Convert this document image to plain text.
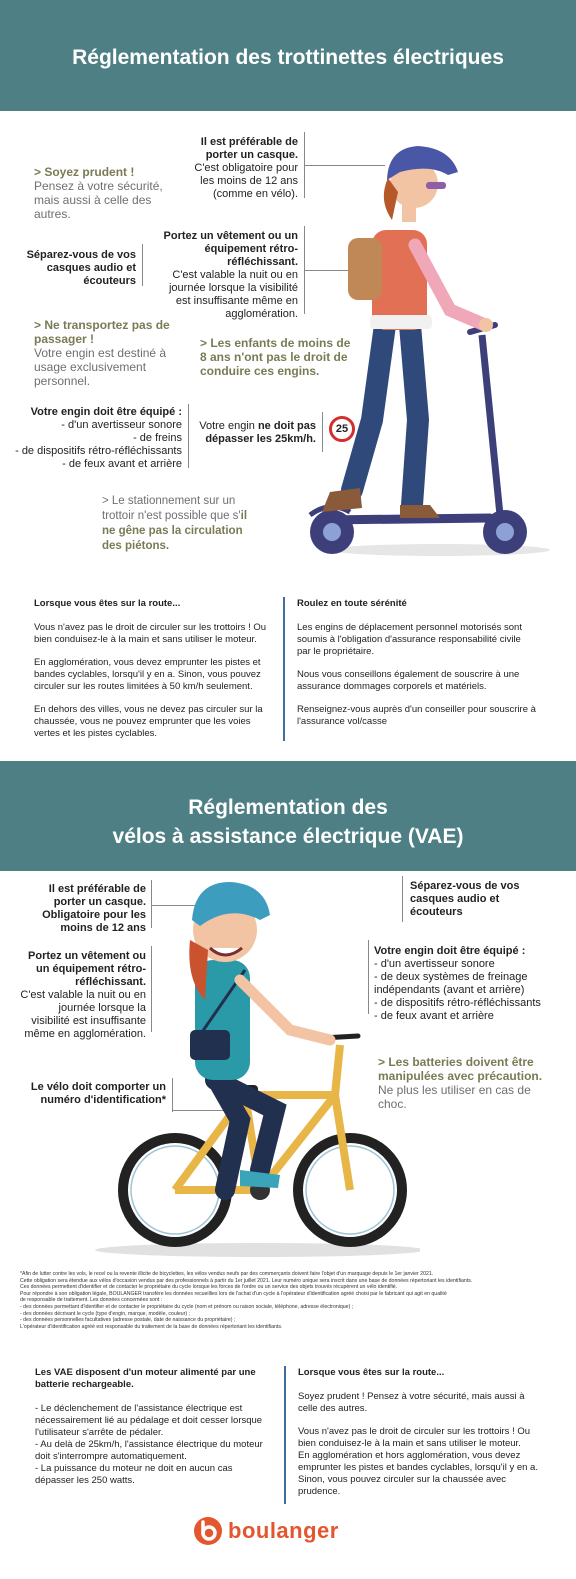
Réglementation des trottinettes électriques
> Soyez prudent !
Pensez à votre sécurité, mais aussi à celle des autres.
Il est préférable de porter un casque.
C'est obligatoire pour les moins de 12 ans (comme en vélo).
Séparez-vous de vos casques audio et écouteurs
Portez un vêtement ou un équipement rétro-réfléchissant.
C'est valable la nuit ou en journée lorsque la visibilité est insuffisante même en agglomération.
> Ne transportez pas de passager !
Votre engin est destiné à usage exclusivement personnel.
> Les enfants de moins de 8 ans n'ont pas le droit de conduire ces engins.
Votre engin doit être équipé :
- d'un avertisseur sonore
- de freins
- de dispositifs rétro-réfléchissants
- de feux avant et arrière
Votre engin ne doit pas dépasser les 25km/h.
25
> Le stationnement sur un trottoir n'est possible que s'il ne gêne pas la circulation des piétons.
Lorsque vous êtes sur la route...

Vous n'avez pas le droit de circuler sur les trottoirs ! Ou bien conduisez-le à la main et sans utiliser le moteur.

En agglomération, vous devez emprunter les pistes et bandes cyclables, lorsqu'il y en a. Sinon, vous pouvez circuler sur les routes limitées à 50 km/h seulement.

En dehors des villes, vous ne devez pas circuler sur la chaussée, vous ne pouvez emprunter que les voies vertes et les pistes cyclables.

Roulez en toute sérénité

Les engins de déplacement personnel motorisés sont soumis à l'obligation d'assurance responsabilité civile par le propriétaire.

Nous vous conseillons également de souscrire à une assurance dommages corporels et matériels.

Renseignez-vous auprès d'un conseiller pour souscrire à l'assurance vol/casse

Réglementation des
vélos à assistance électrique (VAE)
Il est préférable de porter un casque. Obligatoire pour les moins de 12 ans
Séparez-vous de vos casques audio et écouteurs
Portez un vêtement ou un équipement rétro-réfléchissant.
C'est valable la nuit ou en journée lorsque la visibilité est insuffisante même en agglomération.
Votre engin doit être équipé :
- d'un avertisseur sonore
- de deux systèmes de freinage indépendants (avant et arrière)
- de dispositifs rétro-réfléchissants
- de feux avant et arrière
> Les batteries doivent être manipulées avec précaution.
Ne plus les utiliser en cas de choc.
Le vélo doit comporter un numéro d'identification*
*Afin de lutter contre les vols, le recel ou la revente illicite de bicyclettes, les vélos vendus neufs par des commerçants doivent faire l'objet d'un marquage depuis le 1er janvier 2021.
Cette obligation sera étendue aux vélos d'occasion vendus par des professionnels à partir du 1er juillet 2021. Leur numéro unique sera inscrit dans une base de données répertoriant les identifiants.
Ces données permettent d'identifier et de contacter le propriétaire du cycle lorsque les forces de l'ordre ou un service des objets trouvés récupèrent un vélo identifié.
Pour répondre à son obligation légale, BOULANGER transfère les données recueillies lors de l'achat d'un cycle à l'opérateur d'identification agréé choisi par le fabricant qui agit en qualité
de responsable de traitement. Les données concernées sont :
- des données permettant d'identifier et de contacter le propriétaire du cycle (nom et prénom ou raison sociale, téléphone, adresse électronique) ;
- des données décrivant le cycle (type d'engin, marque, modèle, couleur) ;
- des données personnelles facultatives (adresse postale, date de naissance du propriétaire) ;
L'opérateur d'identification agréé est responsable du traitement de la base de données répertoriant les identifiants.
Les VAE disposent d'un moteur alimenté par une batterie rechargeable.
- Le déclenchement de l'assistance électrique est nécessairement lié au pédalage et doit cesser lorsque l'utilisateur s'arrête de pédaler.
- Au delà de 25km/h, l'assistance électrique du moteur doit s'interrompre automatiquement.
- La puissance du moteur ne doit en aucun cas dépasser les 250 watts.
Lorsque vous êtes sur la route...

Soyez prudent ! Pensez à votre sécurité, mais aussi à celle des autres.

Vous n'avez pas le droit de circuler sur les trottoirs ! Ou bien conduisez-le à la main et sans utiliser le moteur.
En agglomération et hors agglomération, vous devez emprunter les pistes et bandes cyclables, lorsqu'il y en a. Sinon, vous pouvez circuler sur la chaussée avec prudence.
boulanger
